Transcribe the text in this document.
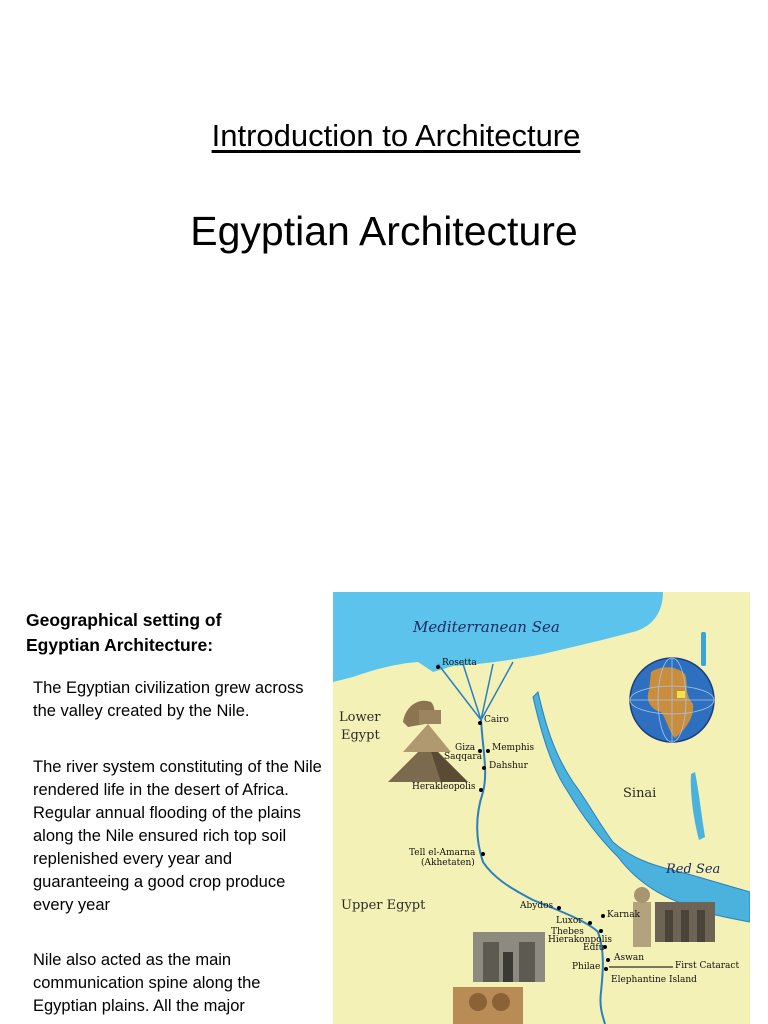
Introduction to Architecture
Egyptian Architecture
Geographical setting of
Egyptian Architecture:
The Egyptian civilization grew across the valley created by the Nile.
The river system constituting of the Nile rendered life in the desert of Africa. Regular annual flooding of the plains along the Nile ensured rich top soil replenished every year and guaranteeing a good crop produce every year
Nile also acted as the main communication spine along the Egyptian plains. All the major
Mediterranean Sea
Red Sea
Lower
Egypt
Upper Egypt
Sinai
Rosetta
Cairo
Giza Memphis
Saqqara
Dahshur
Herakleopolis
Tell el-Amarna
(Akhetaten)
Abydos
Karnak
Luxor
Thebes
Hierakonpolis
Edfu
Aswan
Philae	First Cataract
Elephantine Island
